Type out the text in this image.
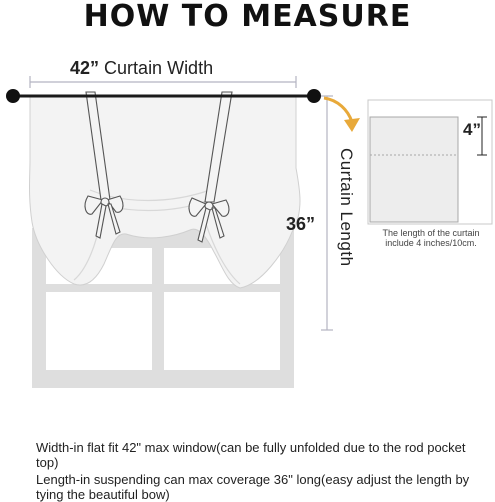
HOW TO MEASURE
42” Curtain Width
36” Curtain Length
4”
The length of the curtain include 4 inches/10cm.
Width-in flat fit 42" max window(can be fully unfolded due to the rod pocket top)
Length-in suspending can max coverage 36" long(easy adjust the length by tying the beautiful bow)
